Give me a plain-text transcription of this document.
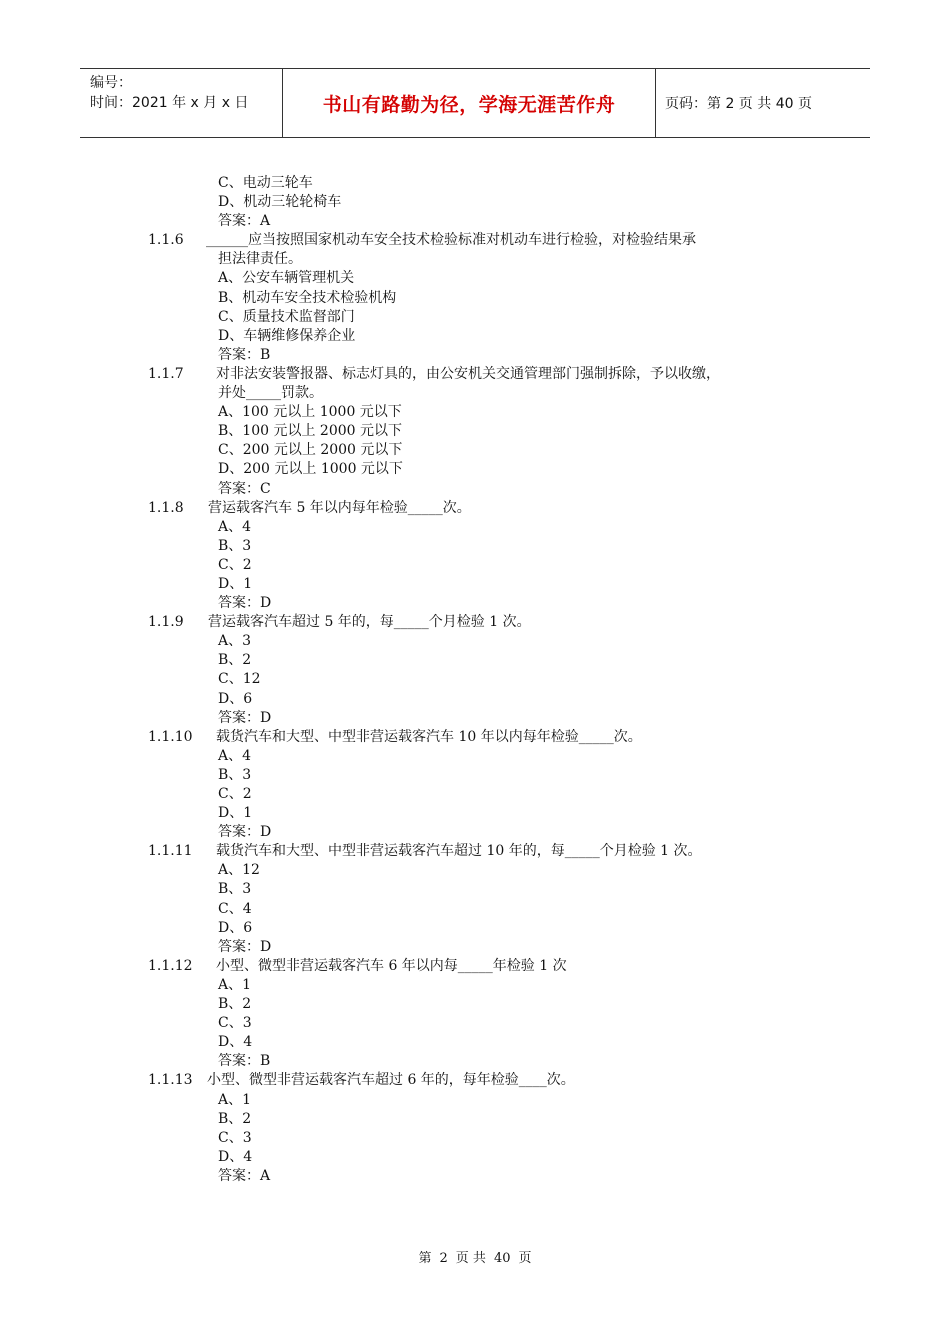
编号：
时间：2021 年 x 月 x 日	书山有路勤为径，学海无涯苦作舟	页码：第 2 页 共 40 页
C、电动三轮车
D、机动三轮轮椅车
答案：A
1.1.6 ______应当按照国家机动车安全技术检验标准对机动车进行检验，对检验结果承
担法律责任。
A、公安车辆管理机关
B、机动车安全技术检验机构
C、质量技术监督部门
D、车辆维修保养企业
答案：B
1.1.7 对非法安装警报器、标志灯具的，由公安机关交通管理部门强制拆除，予以收缴，
并处_____罚款。
A、100 元以上 1000 元以下
B、100 元以上 2000 元以下
C、200 元以上 2000 元以下
D、200 元以上 1000 元以下
答案：C
1.1.8 营运载客汽车 5 年以内每年检验_____次。
A、4
B、3
C、2
D、1
答案：D
1.1.9 营运载客汽车超过 5 年的，每_____个月检验 1 次。
A、3
B、2
C、12
D、6
答案：D
1.1.10 载货汽车和大型、中型非营运载客汽车 10 年以内每年检验_____次。
A、4
B、3
C、2
D、1
答案：D
1.1.11 载货汽车和大型、中型非营运载客汽车超过 10 年的，每_____个月检验 1 次。
A、12
B、3
C、4
D、6
答案：D
1.1.12 小型、微型非营运载客汽车 6 年以内每_____年检验 1 次
A、1
B、2
C、3
D、4
答案：B
1.1.13 小型、微型非营运载客汽车超过 6 年的，每年检验____次。
A、1
B、2
C、3
D、4
答案：A
第 2 页 共 40 页
